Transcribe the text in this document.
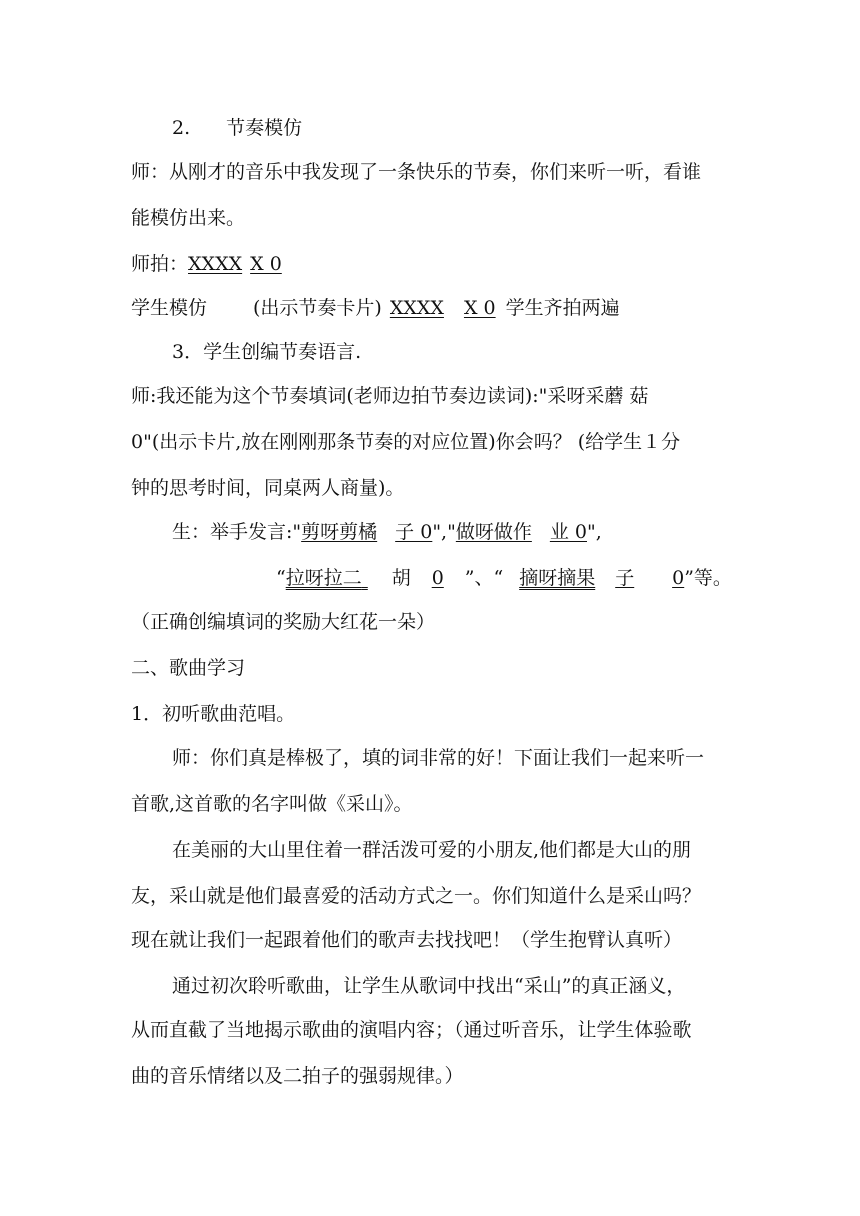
2. 节奏模仿
师：从刚才的音乐中我发现了一条快乐的节奏，你们来听一听，看谁
能模仿出来。
师拍：XXXX X 0
学生模仿 (出示节奏卡片) XXXX X 0 学生齐拍两遍
3．学生创编节奏语言.
师:我还能为这个节奏填词(老师边拍节奏边读词):"采呀采蘑 菇
0"(出示卡片,放在刚刚那条节奏的对应位置)你会吗？ (给学生１分
钟的思考时间，同桌两人商量)。
生：举手发言:"剪呀剪橘 子 0","做呀做作 业 0",
“拉呀拉二 胡 0 ”、“ 摘呀摘果 子 0”等。
（正确创编填词的奖励大红花一朵）
二、歌曲学习
1．初听歌曲范唱。
师：你们真是棒极了，填的词非常的好！下面让我们一起来听一
首歌,这首歌的名字叫做《采山》。
在美丽的大山里住着一群活泼可爱的小朋友,他们都是大山的朋
友，采山就是他们最喜爱的活动方式之一。你们知道什么是采山吗？
现在就让我们一起跟着他们的歌声去找找吧！（学生抱臂认真听）
通过初次聆听歌曲，让学生从歌词中找出“采山”的真正涵义，
从而直截了当地揭示歌曲的演唱内容；（通过听音乐，让学生体验歌
曲的音乐情绪以及二拍子的强弱规律。）
